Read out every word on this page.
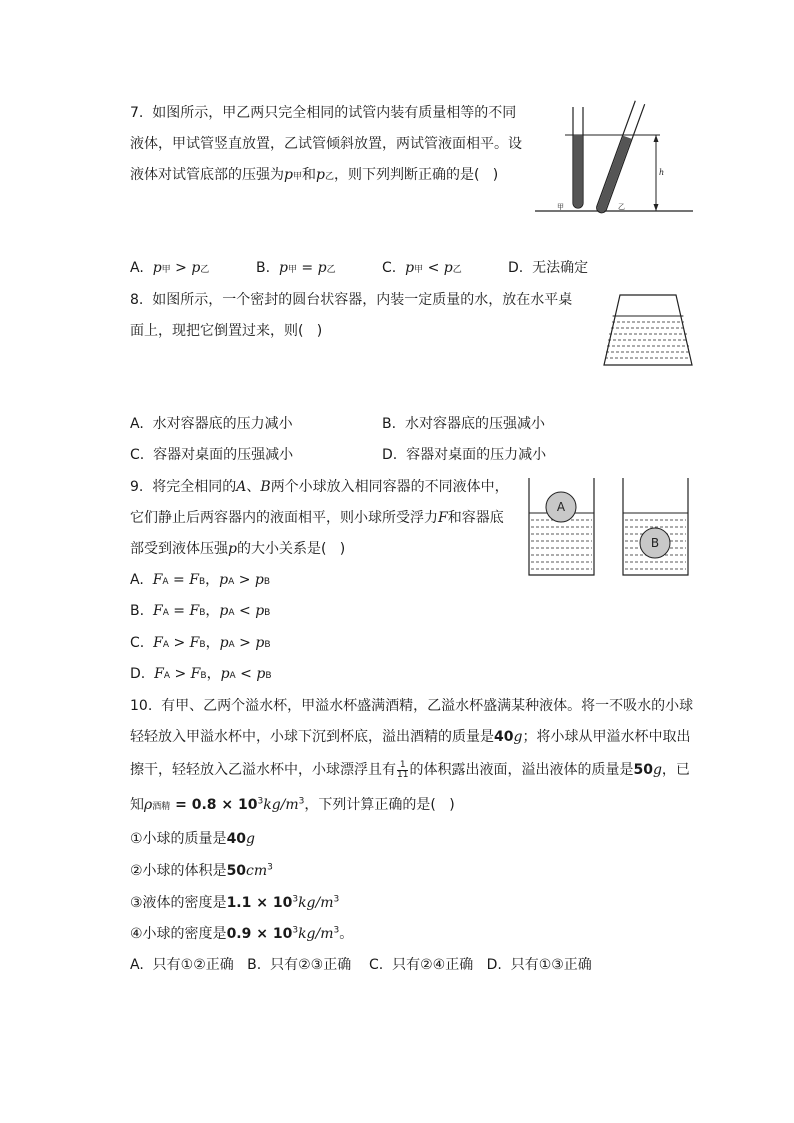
7.  如图所示，甲乙两只完全相同的试管内装有质量相等的不同
液体，甲试管竖直放置，乙试管倾斜放置，两试管液面相平。设
液体对试管底部的压强为p甲和p乙，则下列判断正确的是(   )	h
甲	乙
A. p甲 > p乙	B. p甲 = p乙	C. p甲 < p乙	D.  无法确定
8.  如图所示，一个密封的圆台状容器，内装一定质量的水，放在水平桌
面上，现把它倒置过来，则(   )
A.  水对容器底的压力减小	B.  水对容器底的压强减小
C.  容器对桌面的压强减小	D.  容器对桌面的压力减小
9.  将完全相同的A、B两个小球放入相同容器的不同液体中，
它们静止后两容器内的液面相平，则小球所受浮力F和容器底
部受到液体压强p的大小关系是(   )
A
B
A. FA = FB，pA > pB
B. FA = FB，pA < pB
C. FA > FB，pA > pB
D. FA > FB，pA < pB
10.  有甲、乙两个溢水杯，甲溢水杯盛满酒精，乙溢水杯盛满某种液体。将一不吸水的小球
轻轻放入甲溢水杯中，小球下沉到杯底，溢出酒精的质量是40g；将小球从甲溢水杯中取出
擦干，轻轻放入乙溢水杯中，小球漂浮且有 $\frac{1}{11}$ 的体积露出液面，溢出液体的质量是50g，已
知ρ酒精 = $0.8 \times 10^3kg/m^3$，下列计算正确的是(   )
①小球的质量是40g
②小球的体积是$50cm^3$
③液体的密度是$1.1 \times 10^3kg/m^3$
④小球的密度是$0.9 \times 10^3kg/m^3$。
A.  只有①②正确   B.  只有②③正确    C.  只有②④正确   D.  只有①③正确
